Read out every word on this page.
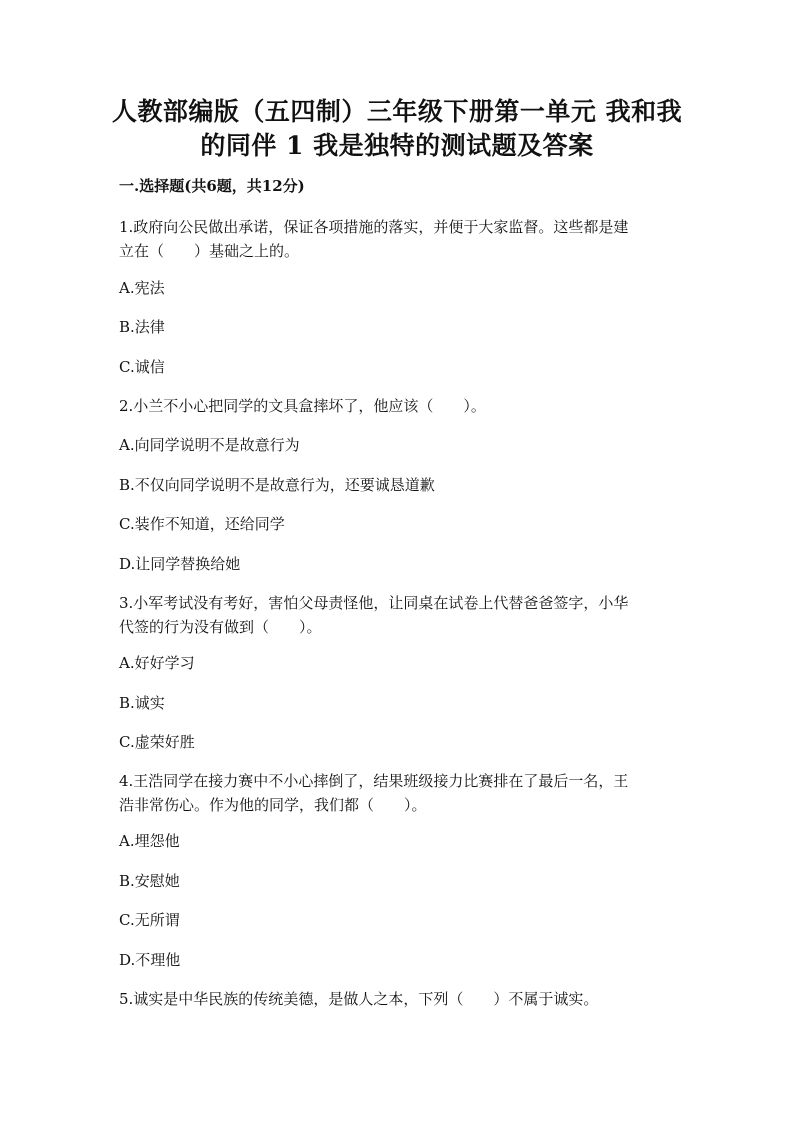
人教部编版（五四制）三年级下册第一单元 我和我
的同伴 1 我是独特的测试题及答案
一.选择题(共6题，共12分)
1.政府向公民做出承诺，保证各项措施的落实，并便于大家监督。这些都是建
立在（　　）基础之上的。
A.宪法
B.法律
C.诚信
2.小兰不小心把同学的文具盒摔坏了，他应该（　　）。
A.向同学说明不是故意行为
B.不仅向同学说明不是故意行为，还要诚恳道歉
C.装作不知道，还给同学
D.让同学替换给她
3.小军考试没有考好，害怕父母责怪他，让同桌在试卷上代替爸爸签字，小华
代签的行为没有做到（　　）。
A.好好学习
B.诚实
C.虚荣好胜
4.王浩同学在接力赛中不小心摔倒了，结果班级接力比赛排在了最后一名，王
浩非常伤心。作为他的同学，我们都（　　）。
A.埋怨他
B.安慰她
C.无所谓
D.不理他
5.诚实是中华民族的传统美德，是做人之本，下列（　　）不属于诚实。
